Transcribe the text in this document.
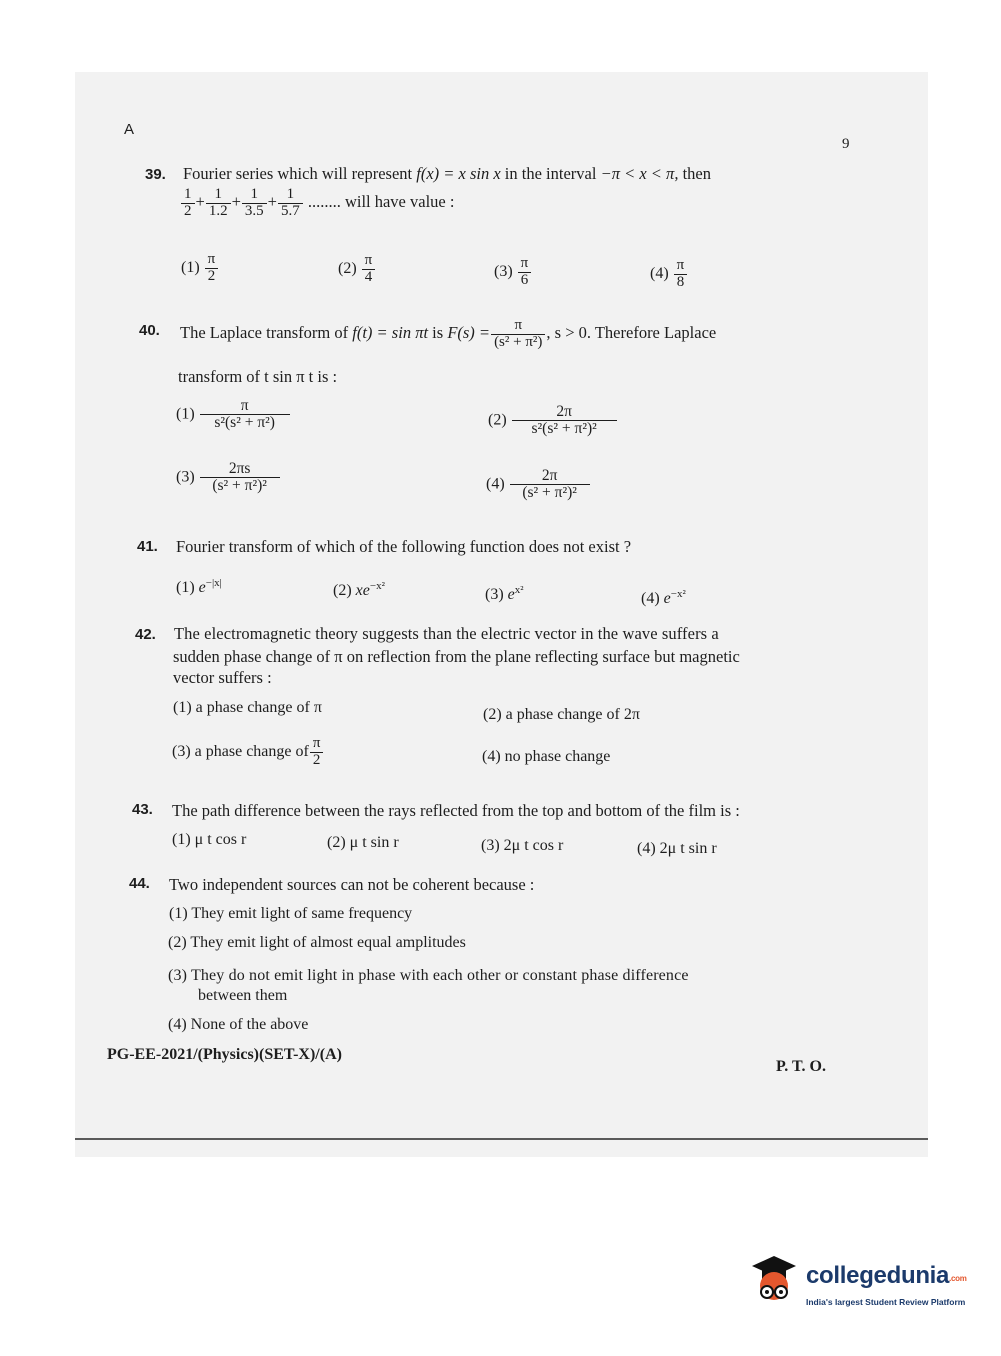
A
9
39. Fourier series which will represent f(x) = x sin x in the interval −π < x < π, then
$\frac{1}{2} + \frac{1}{1.2} + \frac{1}{3.5} + \frac{1}{5.7}$ ........ will have value :
$(1) \frac{\pi}{2}$	$(2) \frac{\pi}{4}$	$(3) \frac{\pi}{6}$	$(4) \frac{\pi}{8}$
40. The Laplace transform of f(t) = sin πt is $F(s) = \frac{\pi}{\text{(s² + π²)}}$ , s > 0. Therefore Laplace
transform of t sin π t is :
$(1) \frac{\pi}{\text{s²(s² + π²)}}$	$(2) \frac{2\pi}{\text{s²(s² + π²)²}}$
$(3) \frac{2\pi s}{\text{(s² + π²)²}}$	$(4) \frac{2\pi}{\text{(s² + π²)²}}$
41. Fourier transform of which of the following function does not exist ?
(1) $e^{-|x|}$	(2) $xe^{-x^2}$	(3) $e^{x^2}$	(4) $e^{-x^2}$
42. The electromagnetic theory suggests than the electric vector in the wave suffers a
sudden phase change of π on reflection from the plane reflecting surface but magnetic
vector suffers :
(1) a phase change of π	(2) a phase change of 2π
(3) a phase change of $\frac{\pi}{2}$	(4) no phase change
43. The path difference between the rays reflected from the top and bottom of the film is :
(1) μ t cos r	(2) μ t sin r	(3) 2μ t cos r	(4) 2μ t sin r
44. Two independent sources can not be coherent because :
(1) They emit light of same frequency
(2) They emit light of almost equal amplitudes
(3) They do not emit light in phase with each other or constant phase difference
between them
(4) None of the above
PG-EE-2021/(Physics)(SET-X)/(A)
P. T. O.
collegedunia.com
India's largest Student Review Platform
